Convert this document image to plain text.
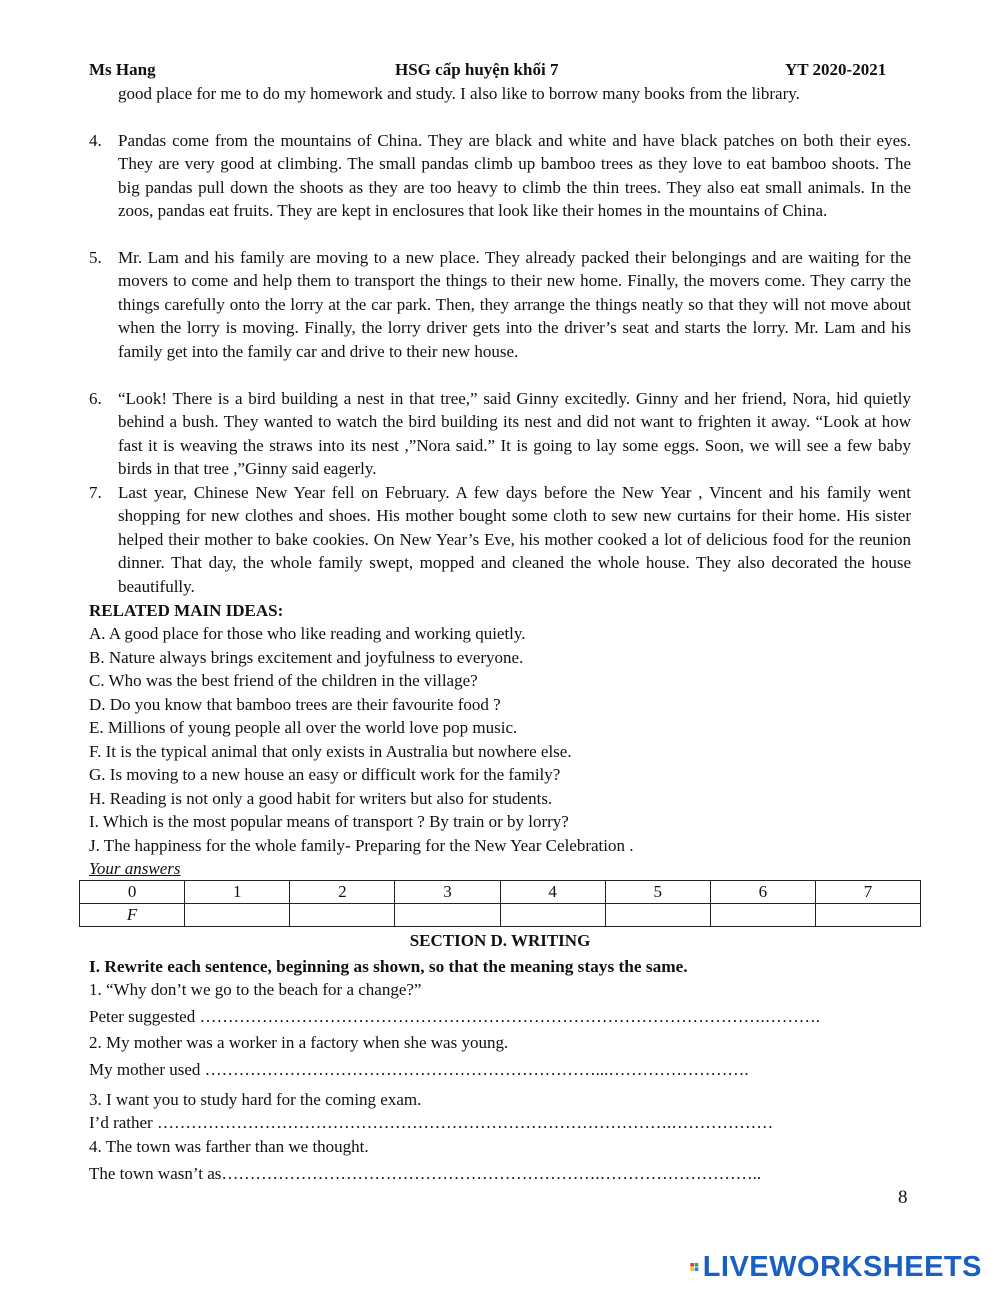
Ms Hang	HSG cấp huyện khối 7	YT 2020-2021
good place for me to do my homework and study. I also like to borrow many books from the library.
4. Pandas come from the mountains of China. They are black and white and have black patches on both their eyes. They are very good at climbing. The small pandas climb up bamboo trees as they love to eat bamboo shoots. The big pandas pull down the shoots as they are too heavy to climb the thin trees. They also eat small animals. In the zoos, pandas eat fruits. They are kept in enclosures that look like their homes in the mountains of China.
5. Mr. Lam and his family are moving to a new place. They already packed their belongings and are waiting for the movers to come and help them to transport the things to their new home. Finally, the movers come. They carry the things carefully onto the lorry at the car park. Then, they arrange the things neatly so that they will not move about when the lorry is moving. Finally, the lorry driver gets into the driver’s seat and starts the lorry. Mr. Lam and his family get into the family car and drive to their new house.
6. “Look! There is a bird building a nest in that tree,” said Ginny excitedly. Ginny and her friend, Nora, hid quietly behind a bush. They wanted to watch the bird building its nest and did not want to frighten it away. “Look at how fast it is weaving the straws into its nest ,”Nora said.” It is going to lay some eggs. Soon, we will see a few baby birds in that tree ,”Ginny said eagerly.
7. Last year, Chinese New Year fell on February. A few days before the New Year , Vincent and his family went shopping for new clothes and shoes. His mother bought some cloth to sew new curtains for their home. His sister helped their mother to bake cookies. On New Year’s Eve, his mother cooked a lot of delicious food for the reunion dinner. That day, the whole family swept, mopped and cleaned the whole house. They also decorated the house beautifully.
RELATED MAIN IDEAS:
A. A good place for those who like reading and working quietly.
B. Nature always brings excitement and joyfulness to everyone.
C. Who was the best friend of the children in the village?
D. Do you know that bamboo trees are their favourite food ?
E. Millions of young people all over the world love pop music.
F. It is the typical animal that only exists in Australia but nowhere else.
G. Is moving to a new house an easy or difficult work for the family?
H. Reading is not only a good habit for writers but also for students.
I. Which is the most popular means of transport ? By train or by lorry?
J. The happiness for the whole family- Preparing for the New Year Celebration .
Your answers
0	1	2	3	4	5	6	7
F							
SECTION D. WRITING
I. Rewrite each sentence, beginning as shown, so that the meaning stays the same.
1. “Why don’t we go to the beach for a change?”
Peter suggested ……………………………………………………………………………………….……….
2. My mother was a worker in a factory when she was young.
My mother used ……………………………………………………………...…………………….
3. I want you to study hard for the coming exam.
I’d rather ……………………………………………………………………………….………………
4. The town was farther than we thought.
The town wasn’t as………………………………………………………….………………………..
8
LIVEWORKSHEETS
